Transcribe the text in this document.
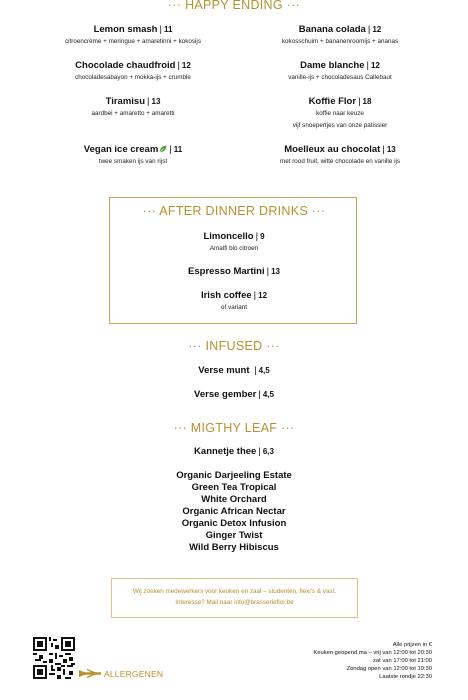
··· HAPPY ENDING ···
Lemon smash | 11
citroencrème + meringue + amaretinni + kokosijs
Banana colada | 12
kokosschuim + bananenroomijs + ananas
Chocolade chaudfroid | 12
chocoladesabayon + mokka-ijs + crumble
Dame blanche | 12
vanille-ijs + chocoladesaus Callebaut
Tiramisu | 13
aardbei + amaretto + amaretti
Koffie Flor | 18
koffie naar keuze
vijf snoepertjes van onze patissier
Vegan ice cream | 11
twee smaken ijs van rijst
Moelleux au chocolat | 13
met rood fruit, witte chocolade en vanille ijs
··· AFTER DINNER DRINKS ···
Limoncello | 9
Amalfi bio citroen
Espresso Martini | 13
Irish coffee | 12
of variant
··· INFUSED ···
Verse munt | 4,5
Verse gember | 4,5
··· MIGTHY LEAF ···
Kannetje thee | 6,3
Organic Darjeeling Estate
Green Tea Tropical
White Orchard
Organic African Nectar
Organic Detox Infusion
Ginger Twist
Wild Berry Hibiscus
Wij zoeken medewerkers voor keuken en zaal – studenten, flexi's & vast.
Interesse? Mail naar info@brasserieflor.be
ALLERGENEN
Alle prijzen in €
Keuken geopend ma – vrij van 12:00 tot 20:30
zat van 17:00 tot 21:00
Zondag open van 12:00 tot 19:30
Laatste rondje 22:30
